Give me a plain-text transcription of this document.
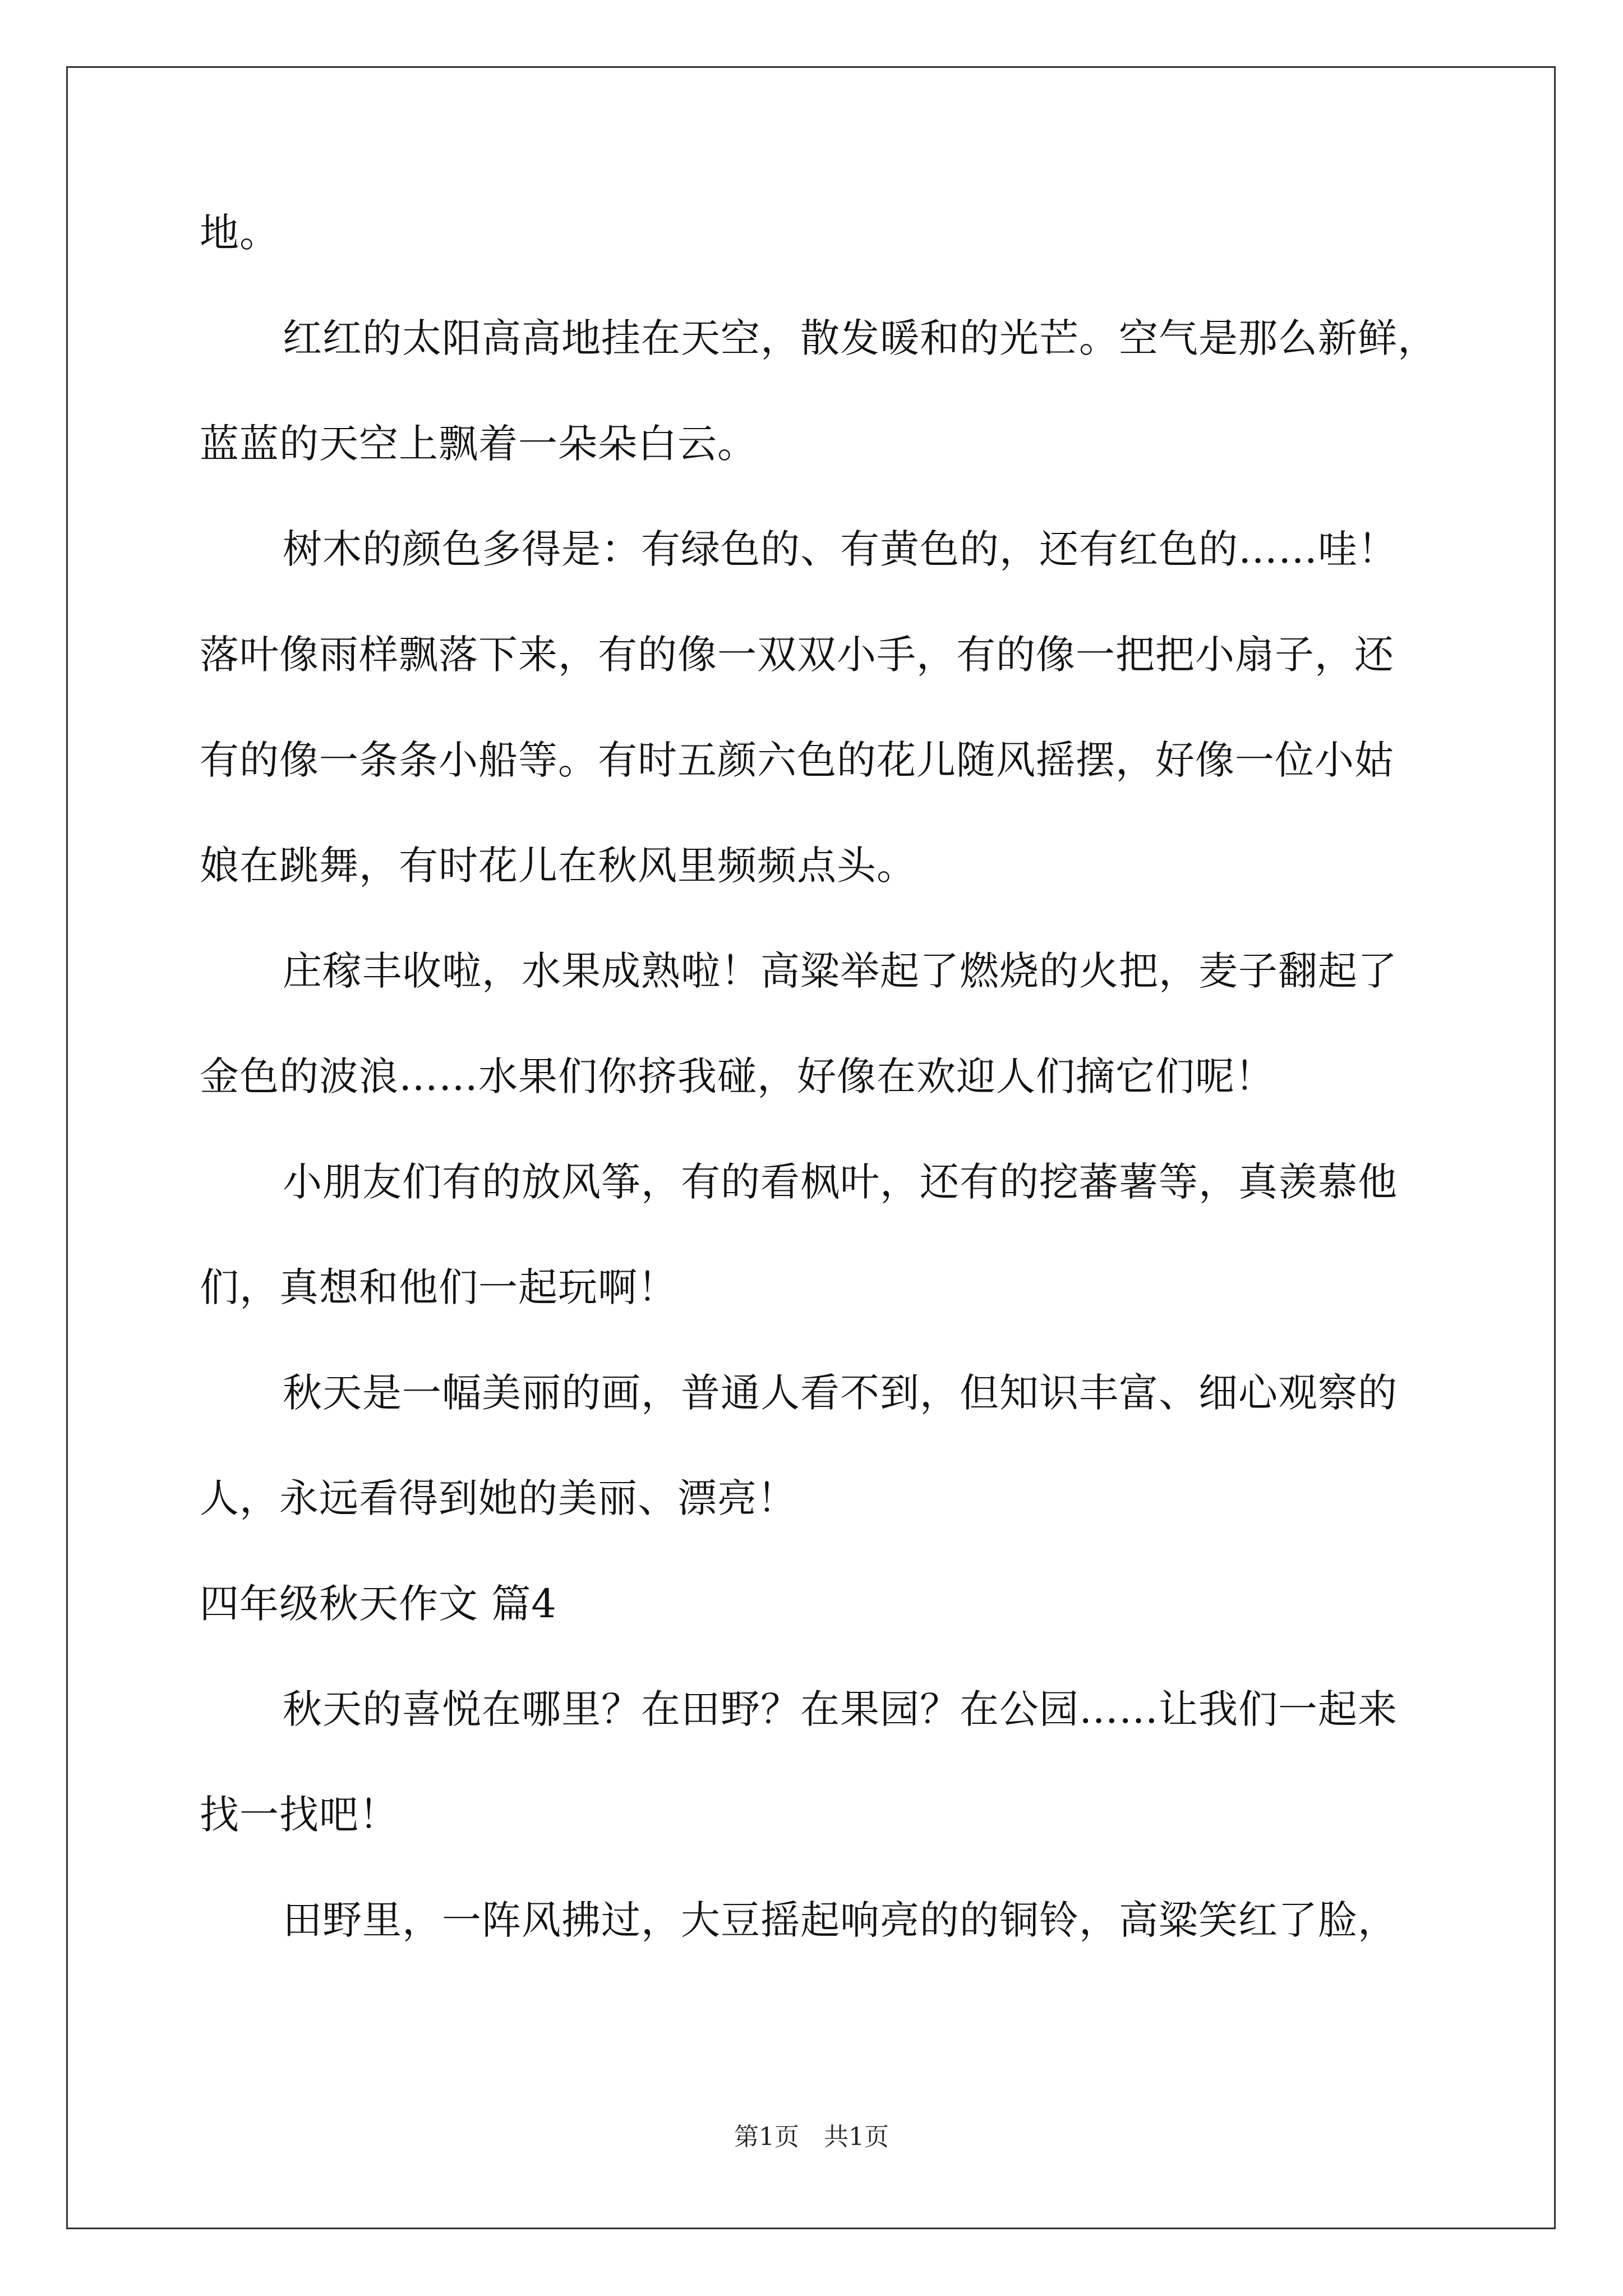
地。
红红的太阳高高地挂在天空，散发暖和的光芒。空气是那么新鲜，
蓝蓝的天空上飘着一朵朵白云。
树木的颜色多得是：有绿色的、有黄色的，还有红色的……哇！
落叶像雨样飘落下来，有的像一双双小手，有的像一把把小扇子，还
有的像一条条小船等。有时五颜六色的花儿随风摇摆，好像一位小姑
娘在跳舞，有时花儿在秋风里频频点头。
庄稼丰收啦，水果成熟啦！高粱举起了燃烧的火把，麦子翻起了
金色的波浪……水果们你挤我碰，好像在欢迎人们摘它们呢！
小朋友们有的放风筝，有的看枫叶，还有的挖蕃薯等，真羡慕他
们，真想和他们一起玩啊！
秋天是一幅美丽的画，普通人看不到，但知识丰富、细心观察的
人，永远看得到她的美丽、漂亮！
四年级秋天作文 篇4
秋天的喜悦在哪里？在田野？在果园？在公园……让我们一起来
找一找吧！
田野里，一阵风拂过，大豆摇起响亮的的铜铃，高粱笑红了脸，
第1页　共1页
